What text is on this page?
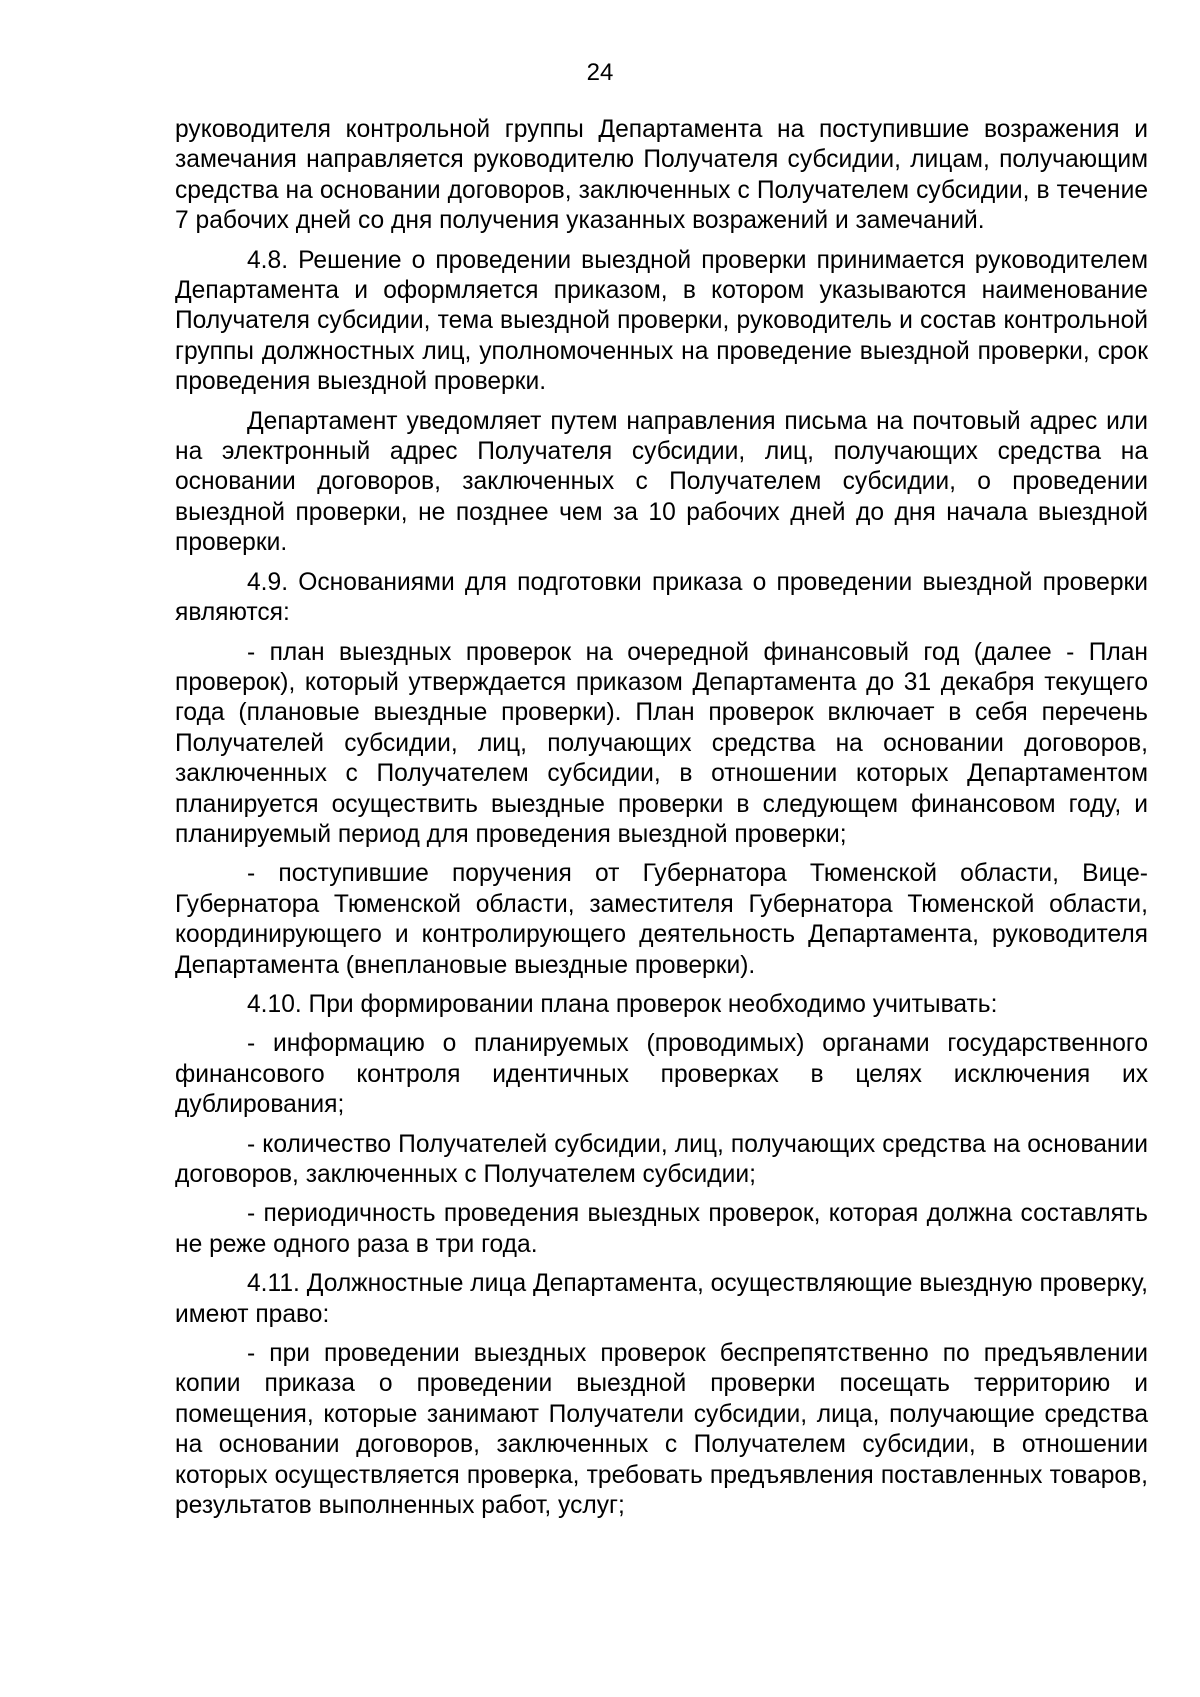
24

руководителя контрольной группы Департамента на поступившие возражения и замечания направляется руководителю Получателя субсидии, лицам, получающим средства на основании договоров, заключенных с Получателем субсидии, в течение 7 рабочих дней со дня получения указанных возражений и замечаний.

4.8. Решение о проведении выездной проверки принимается руководителем Департамента и оформляется приказом, в котором указываются наименование Получателя субсидии, тема выездной проверки, руководитель и состав контрольной группы должностных лиц, уполномоченных на проведение выездной проверки, срок проведения выездной проверки.

Департамент уведомляет путем направления письма на почтовый адрес или на электронный адрес Получателя субсидии, лиц, получающих средства на основании договоров, заключенных с Получателем субсидии, о проведении выездной проверки, не позднее чем за 10 рабочих дней до дня начала выездной проверки.

4.9. Основаниями для подготовки приказа о проведении выездной проверки являются:

- план выездных проверок на очередной финансовый год (далее - План проверок), который утверждается приказом Департамента до 31 декабря текущего года (плановые выездные проверки). План проверок включает в себя перечень Получателей субсидии, лиц, получающих средства на основании договоров, заключенных с Получателем субсидии, в отношении которых Департаментом планируется осуществить выездные проверки в следующем финансовом году, и планируемый период для проведения выездной проверки;

- поступившие поручения от Губернатора Тюменской области, Вице-Губернатора Тюменской области, заместителя Губернатора Тюменской области, координирующего и контролирующего деятельность Департамента, руководителя Департамента (внеплановые выездные проверки).

4.10. При формировании плана проверок необходимо учитывать:

- информацию о планируемых (проводимых) органами государственного финансового контроля идентичных проверках в целях исключения их дублирования;

- количество Получателей субсидии, лиц, получающих средства на основании договоров, заключенных с Получателем субсидии;

- периодичность проведения выездных проверок, которая должна составлять не реже одного раза в три года.

4.11. Должностные лица Департамента, осуществляющие выездную проверку, имеют право:

- при проведении выездных проверок беспрепятственно по предъявлении копии приказа о проведении выездной проверки посещать территорию и помещения, которые занимают Получатели субсидии, лица, получающие средства на основании договоров, заключенных с Получателем субсидии, в отношении которых осуществляется проверка, требовать предъявления поставленных товаров, результатов выполненных работ, услуг;
